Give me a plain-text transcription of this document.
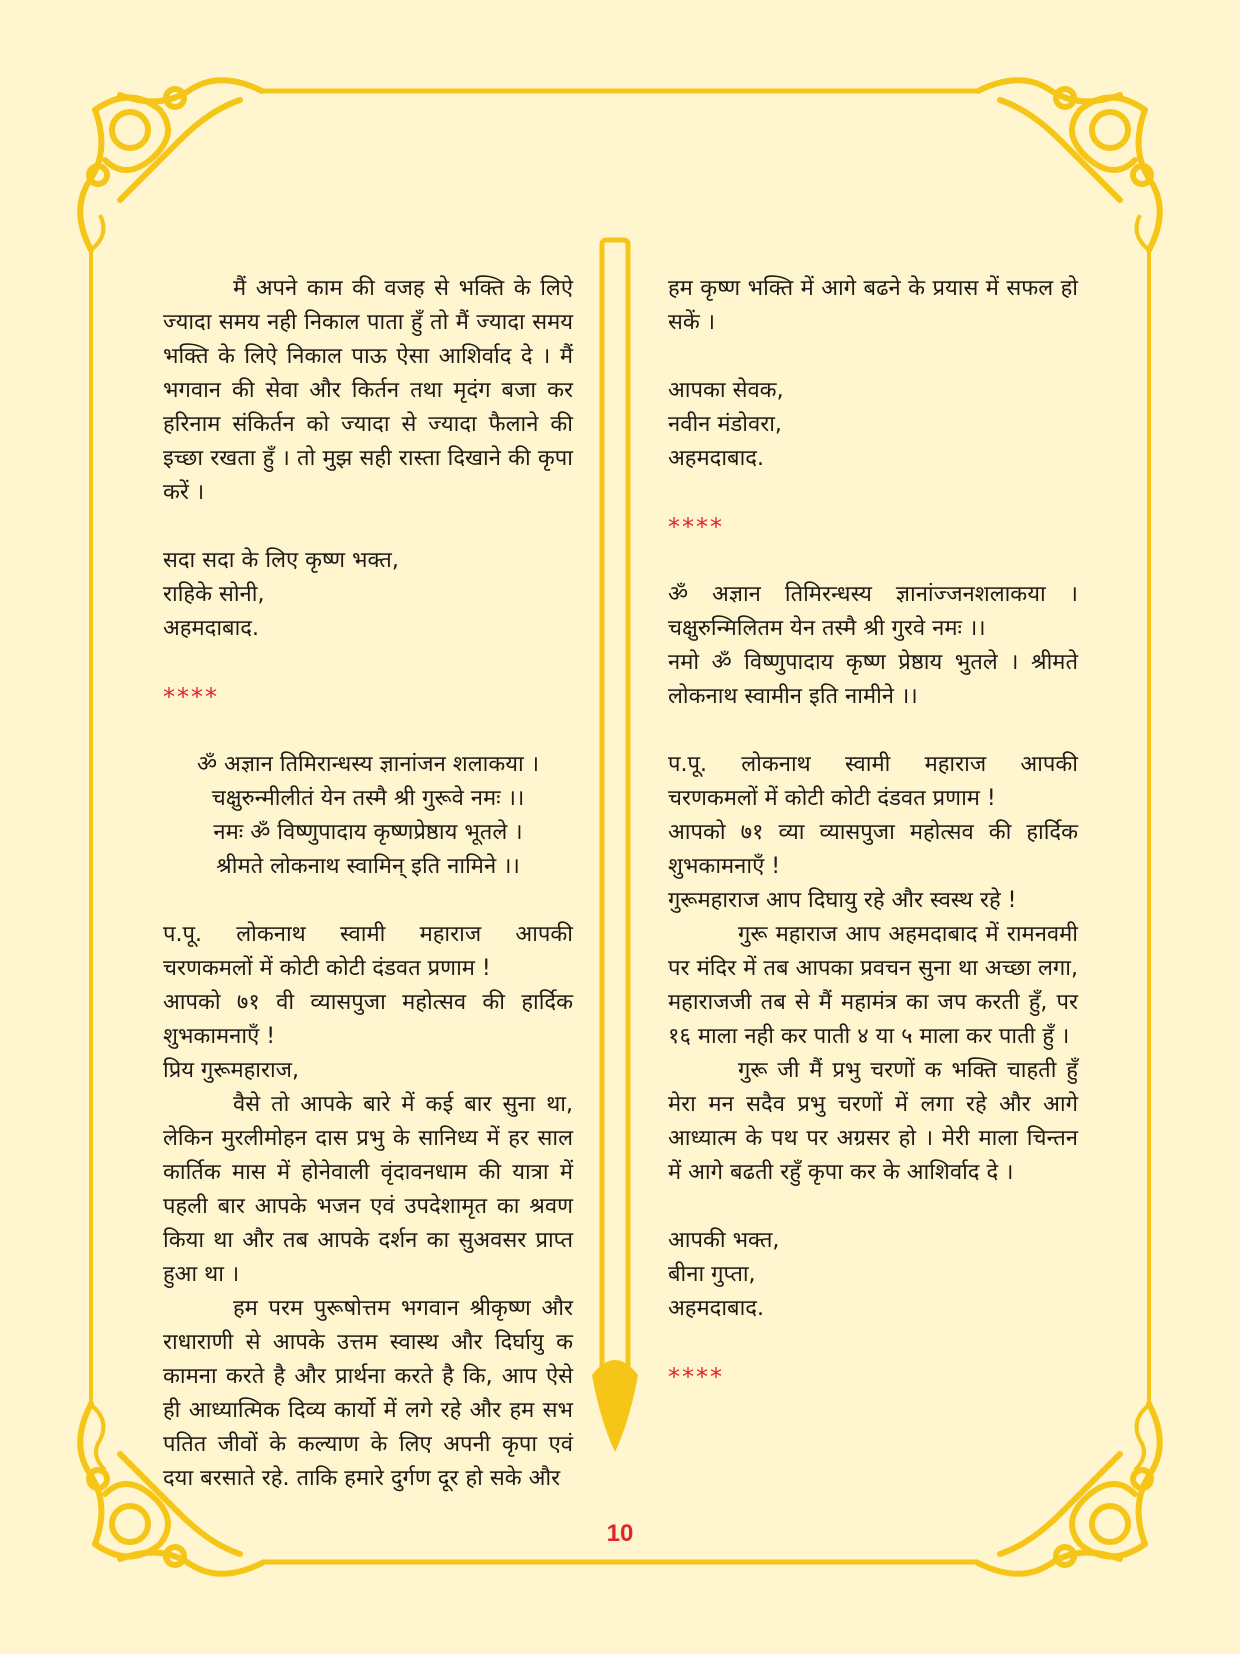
मैं अपने काम की वजह से भक्ति के लिऐ ज्यादा समय नही निकाल पाता हुँ तो मैं ज्यादा समय भक्ति के लिऐ निकाल पाऊ ऐसा आशिर्वाद दे । मैं भगवान की सेवा और किर्तन तथा मृदंग बजा कर हरिनाम संकिर्तन को ज्यादा से ज्यादा फैलाने की इच्छा रखता हुँ । तो मुझ सही रास्ता दिखाने की कृपा करें ।

सदा सदा के लिए कृष्ण भक्त,

राहिके सोनी,

अहमदाबाद.

****

ॐ अज्ञान तिमिरान्धस्य ज्ञानांजन शलाकया ।
चक्षुरुन्मीलीतं येन तस्मै श्री गुरूवे नमः ।।
नमः ॐ विष्णुपादाय कृष्णप्रेष्ठाय भूतले ।
श्रीमते लोकनाथ स्वामिन् इति नामिने ।।

प.पू. लोकनाथ स्वामी महाराज आपकी

चरणकमलों में कोटी कोटी दंडवत प्रणाम !

आपको ७१ वी व्यासपुजा महोत्सव की हार्दिक शुभकामनाएँ !

प्रिय गुरूमहाराज,

वैसे तो आपके बारे में कई बार सुना था, लेकिन मुरलीमोहन दास प्रभु के सानिध्य में हर साल कार्तिक मास में होनेवाली वृंदावनधाम की यात्रा में पहली बार आपके भजन एवं उपदेशामृत का श्रवण किया था और तब आपके दर्शन का सुअवसर प्राप्त हुआ था ।

हम परम पुरूषोत्तम भगवान श्रीकृष्ण और राधाराणी से आपके उत्तम स्वास्थ और दिर्घायु क कामना करते है और प्रार्थना करते है कि, आप ऐसे ही आध्यात्मिक दिव्य कार्यो में लगे रहे और हम सभ पतित जीवों के कल्याण के लिए अपनी कृपा एवं दया बरसाते रहे. ताकि हमारे दुर्गण दूर हो सके और

हम कृष्ण भक्ति में आगे बढने के प्रयास में सफल हो सकें ।

आपका सेवक,

नवीन मंडोवरा,

अहमदाबाद.

****

ॐ अज्ञान तिमिरन्धस्य ज्ञानांज्जनशलाकया ।

चक्षुरुन्मिलितम येन तस्मै श्री गुरवे नमः ।।

नमो ॐ विष्णुपादाय कृष्ण प्रेष्ठाय भुतले । श्रीमते लोकनाथ स्वामीन इति नामीने ।।

प.पू. लोकनाथ स्वामी महाराज आपकी

चरणकमलों में कोटी कोटी दंडवत प्रणाम !

आपको ७१ व्या व्यासपुजा महोत्सव की हार्दिक शुभकामनाएँ !

गुरूमहाराज आप दिघायु रहे और स्वस्थ रहे !

गुरू महाराज आप अहमदाबाद में रामनवमी पर मंदिर में तब आपका प्रवचन सुना था अच्छा लगा, महाराजजी तब से मैं महामंत्र का जप करती हुँ, पर १६ माला नही कर पाती ४ या ५ माला कर पाती हुँ ।

गुरू जी मैं प्रभु चरणों क भक्ति चाहती हुँ मेरा मन सदैव प्रभु चरणों में लगा रहे और आगे आध्यात्म के पथ पर अग्रसर हो । मेरी माला चिन्तन में आगे बढती रहुँ कृपा कर के आशिर्वाद दे ।

आपकी भक्त,

बीना गुप्ता,

अहमदाबाद.

****

10
